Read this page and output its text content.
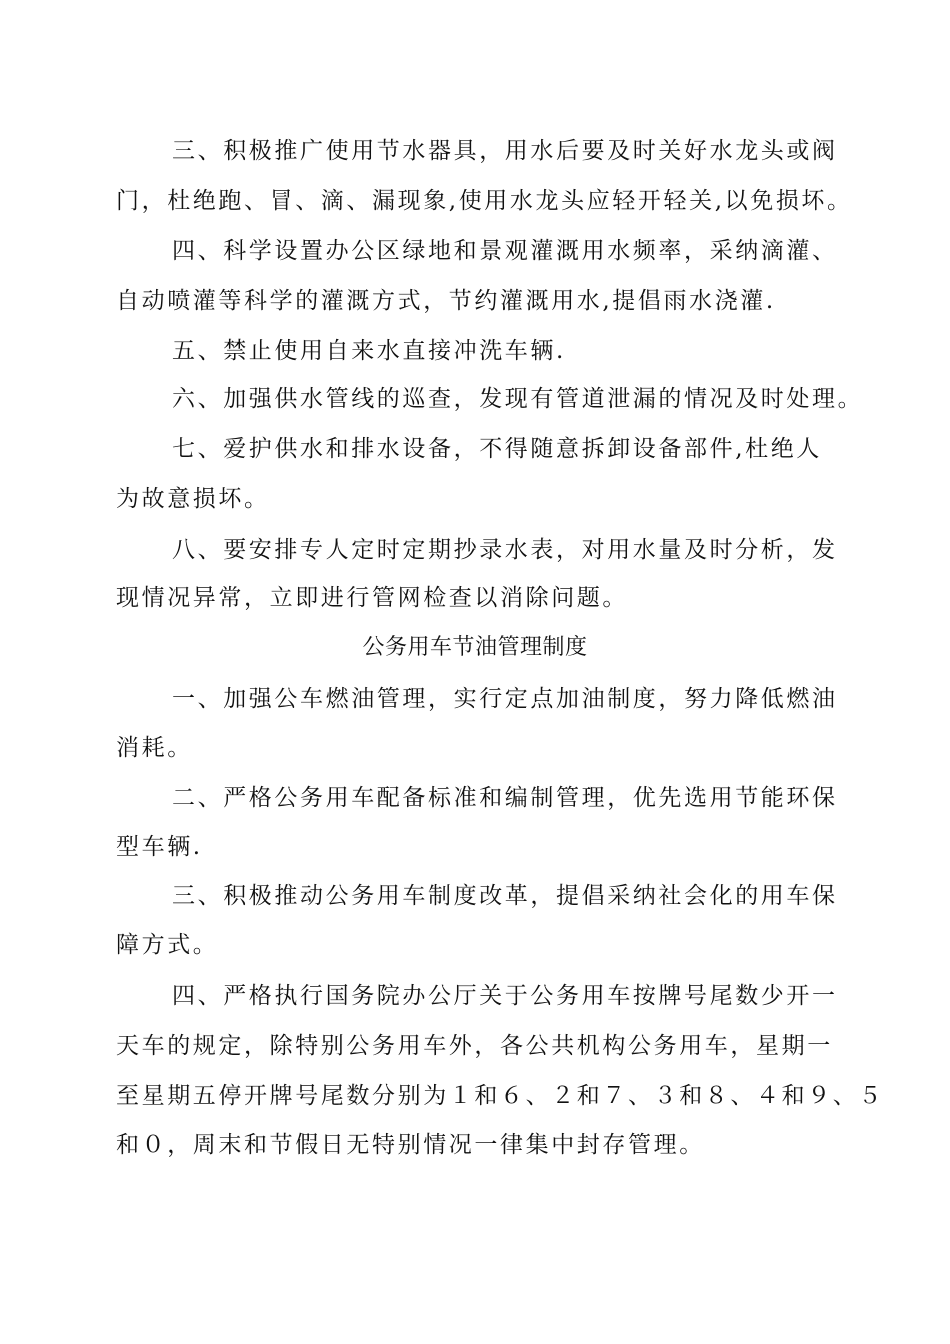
三、积极推广使用节水器具，用水后要及时关好水龙头或阀
门，杜绝跑、冒、滴、漏现象,使用水龙头应轻开轻关,以免损坏。
四、科学设置办公区绿地和景观灌溉用水频率，采纳滴灌、
自动喷灌等科学的灌溉方式，节约灌溉用水,提倡雨水浇灌.
五、禁止使用自来水直接冲洗车辆.
六、加强供水管线的巡查，发现有管道泄漏的情况及时处理。
七、爱护供水和排水设备，不得随意拆卸设备部件,杜绝人
为故意损坏。
八、要安排专人定时定期抄录水表，对用水量及时分析，发
现情况异常，立即进行管网检查以消除问题。
公务用车节油管理制度
一、加强公车燃油管理，实行定点加油制度，努力降低燃油
消耗。
二、严格公务用车配备标准和编制管理，优先选用节能环保
型车辆.
三、积极推动公务用车制度改革，提倡采纳社会化的用车保
障方式。
四、严格执行国务院办公厅关于公务用车按牌号尾数少开一
天车的规定，除特别公务用车外，各公共机构公务用车，星期一
至星期五停开牌号尾数分别为１和６、２和７、３和８、４和９、５
和０，周末和节假日无特别情况一律集中封存管理。
